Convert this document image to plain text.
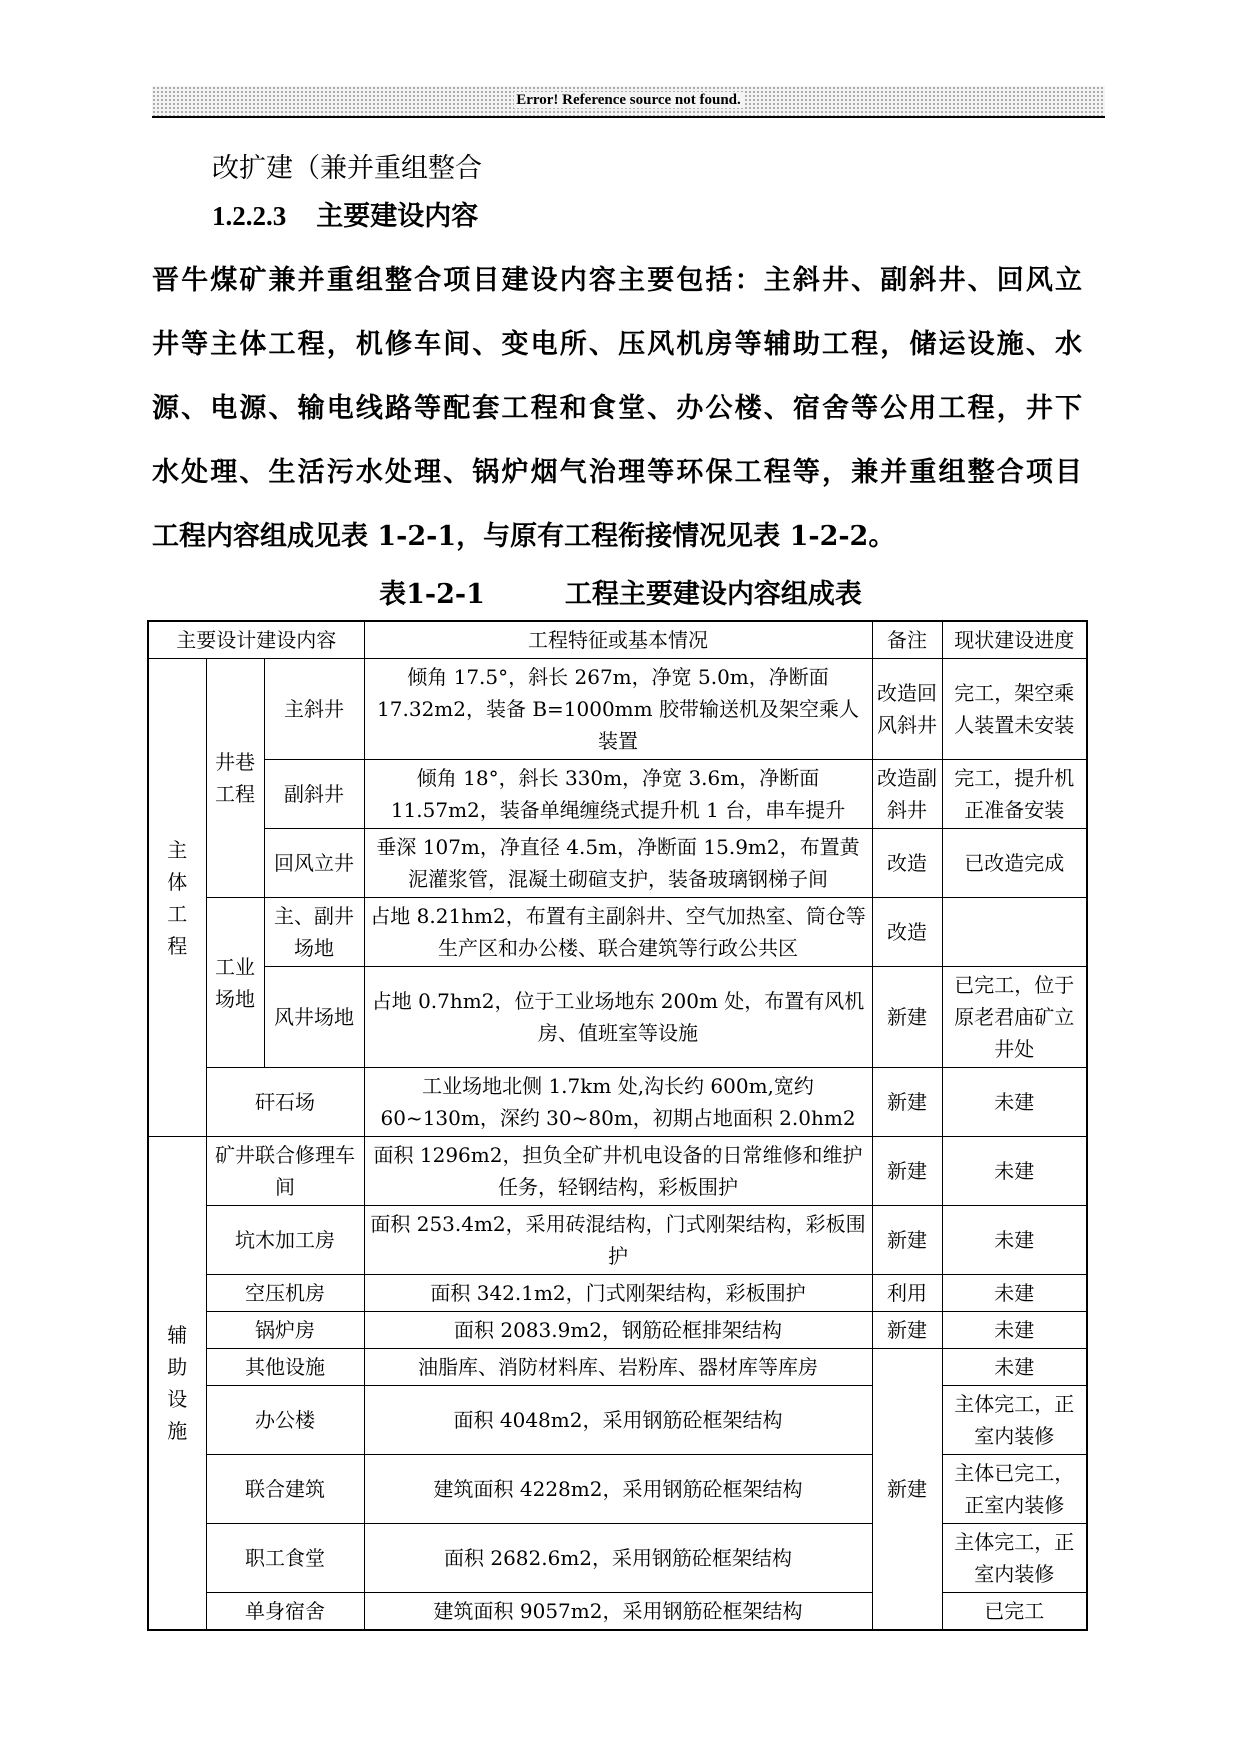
Error! Reference source not found.
改扩建（兼并重组整合
1.2.2.3 主要建设内容
晋牛煤矿兼并重组整合项目建设内容主要包括：主斜井、副斜井、回风立
井等主体工程，机修车间、变电所、压风机房等辅助工程，储运设施、水
源、电源、输电线路等配套工程和食堂、办公楼、宿舍等公用工程，井下
水处理、生活污水处理、锅炉烟气治理等环保工程等，兼并重组整合项目
工程内容组成见表 1-2-1，与原有工程衔接情况见表 1-2-2。
表1-2-1	工程主要建设内容组成表
主要设计建设内容			工程特征或基本情况	备注	现状建设进度

主体工程	井巷工程	主斜井	倾角 17.5°，斜长 267m，净宽 5.0m，净断面 17.32m2，装备 B=1000mm 胶带输送机及架空乘人装置	改造回风斜井	完工，架空乘人装置未安装
		副斜井	倾角 18°，斜长 330m，净宽 3.6m，净断面 11.57m2，装备单绳缠绕式提升机 1 台，串车提升	改造副斜井	完工，提升机正准备安装
		回风立井	垂深 107m，净直径 4.5m，净断面 15.9m2，布置黄泥灌浆管，混凝土砌碹支护，装备玻璃钢梯子间	改造	已改造完成

	工业场地	主、副井场地	占地 8.21hm2，布置有主副斜井、空气加热室、筒仓等生产区和办公楼、联合建筑等行政公共区	改造	
		风井场地	占地 0.7hm2，位于工业场地东 200m 处，布置有风机房、值班室等设施	新建	已完工，位于原老君庙矿立井处
	矸石场		工业场地北侧 1.7km 处,沟长约 600m,宽约 60~130m，深约 30~80m，初期占地面积 2.0hm2	新建	未建

辅助设施	矿井联合修理车间		面积 1296m2，担负全矿井机电设备的日常维修和维护任务，轻钢结构，彩板围护	新建	未建
	坑木加工房		面积 253.4m2，采用砖混结构，门式刚架结构，彩板围护	新建	未建
	空压机房		面积 342.1m2，门式刚架结构，彩板围护	利用	未建
	锅炉房		面积 2083.9m2，钢筋砼框排架结构	新建	未建
	其他设施		油脂库、消防材料库、岩粉库、器材库等库房	新建	未建
	办公楼		面积 4048m2，采用钢筋砼框架结构		主体完工，正室内装修
	联合建筑		建筑面积 4228m2，采用钢筋砼框架结构		主体已完工，正室内装修
	职工食堂		面积 2682.6m2，采用钢筋砼框架结构		主体完工，正室内装修
	单身宿舍		建筑面积 9057m2，采用钢筋砼框架结构		已完工
